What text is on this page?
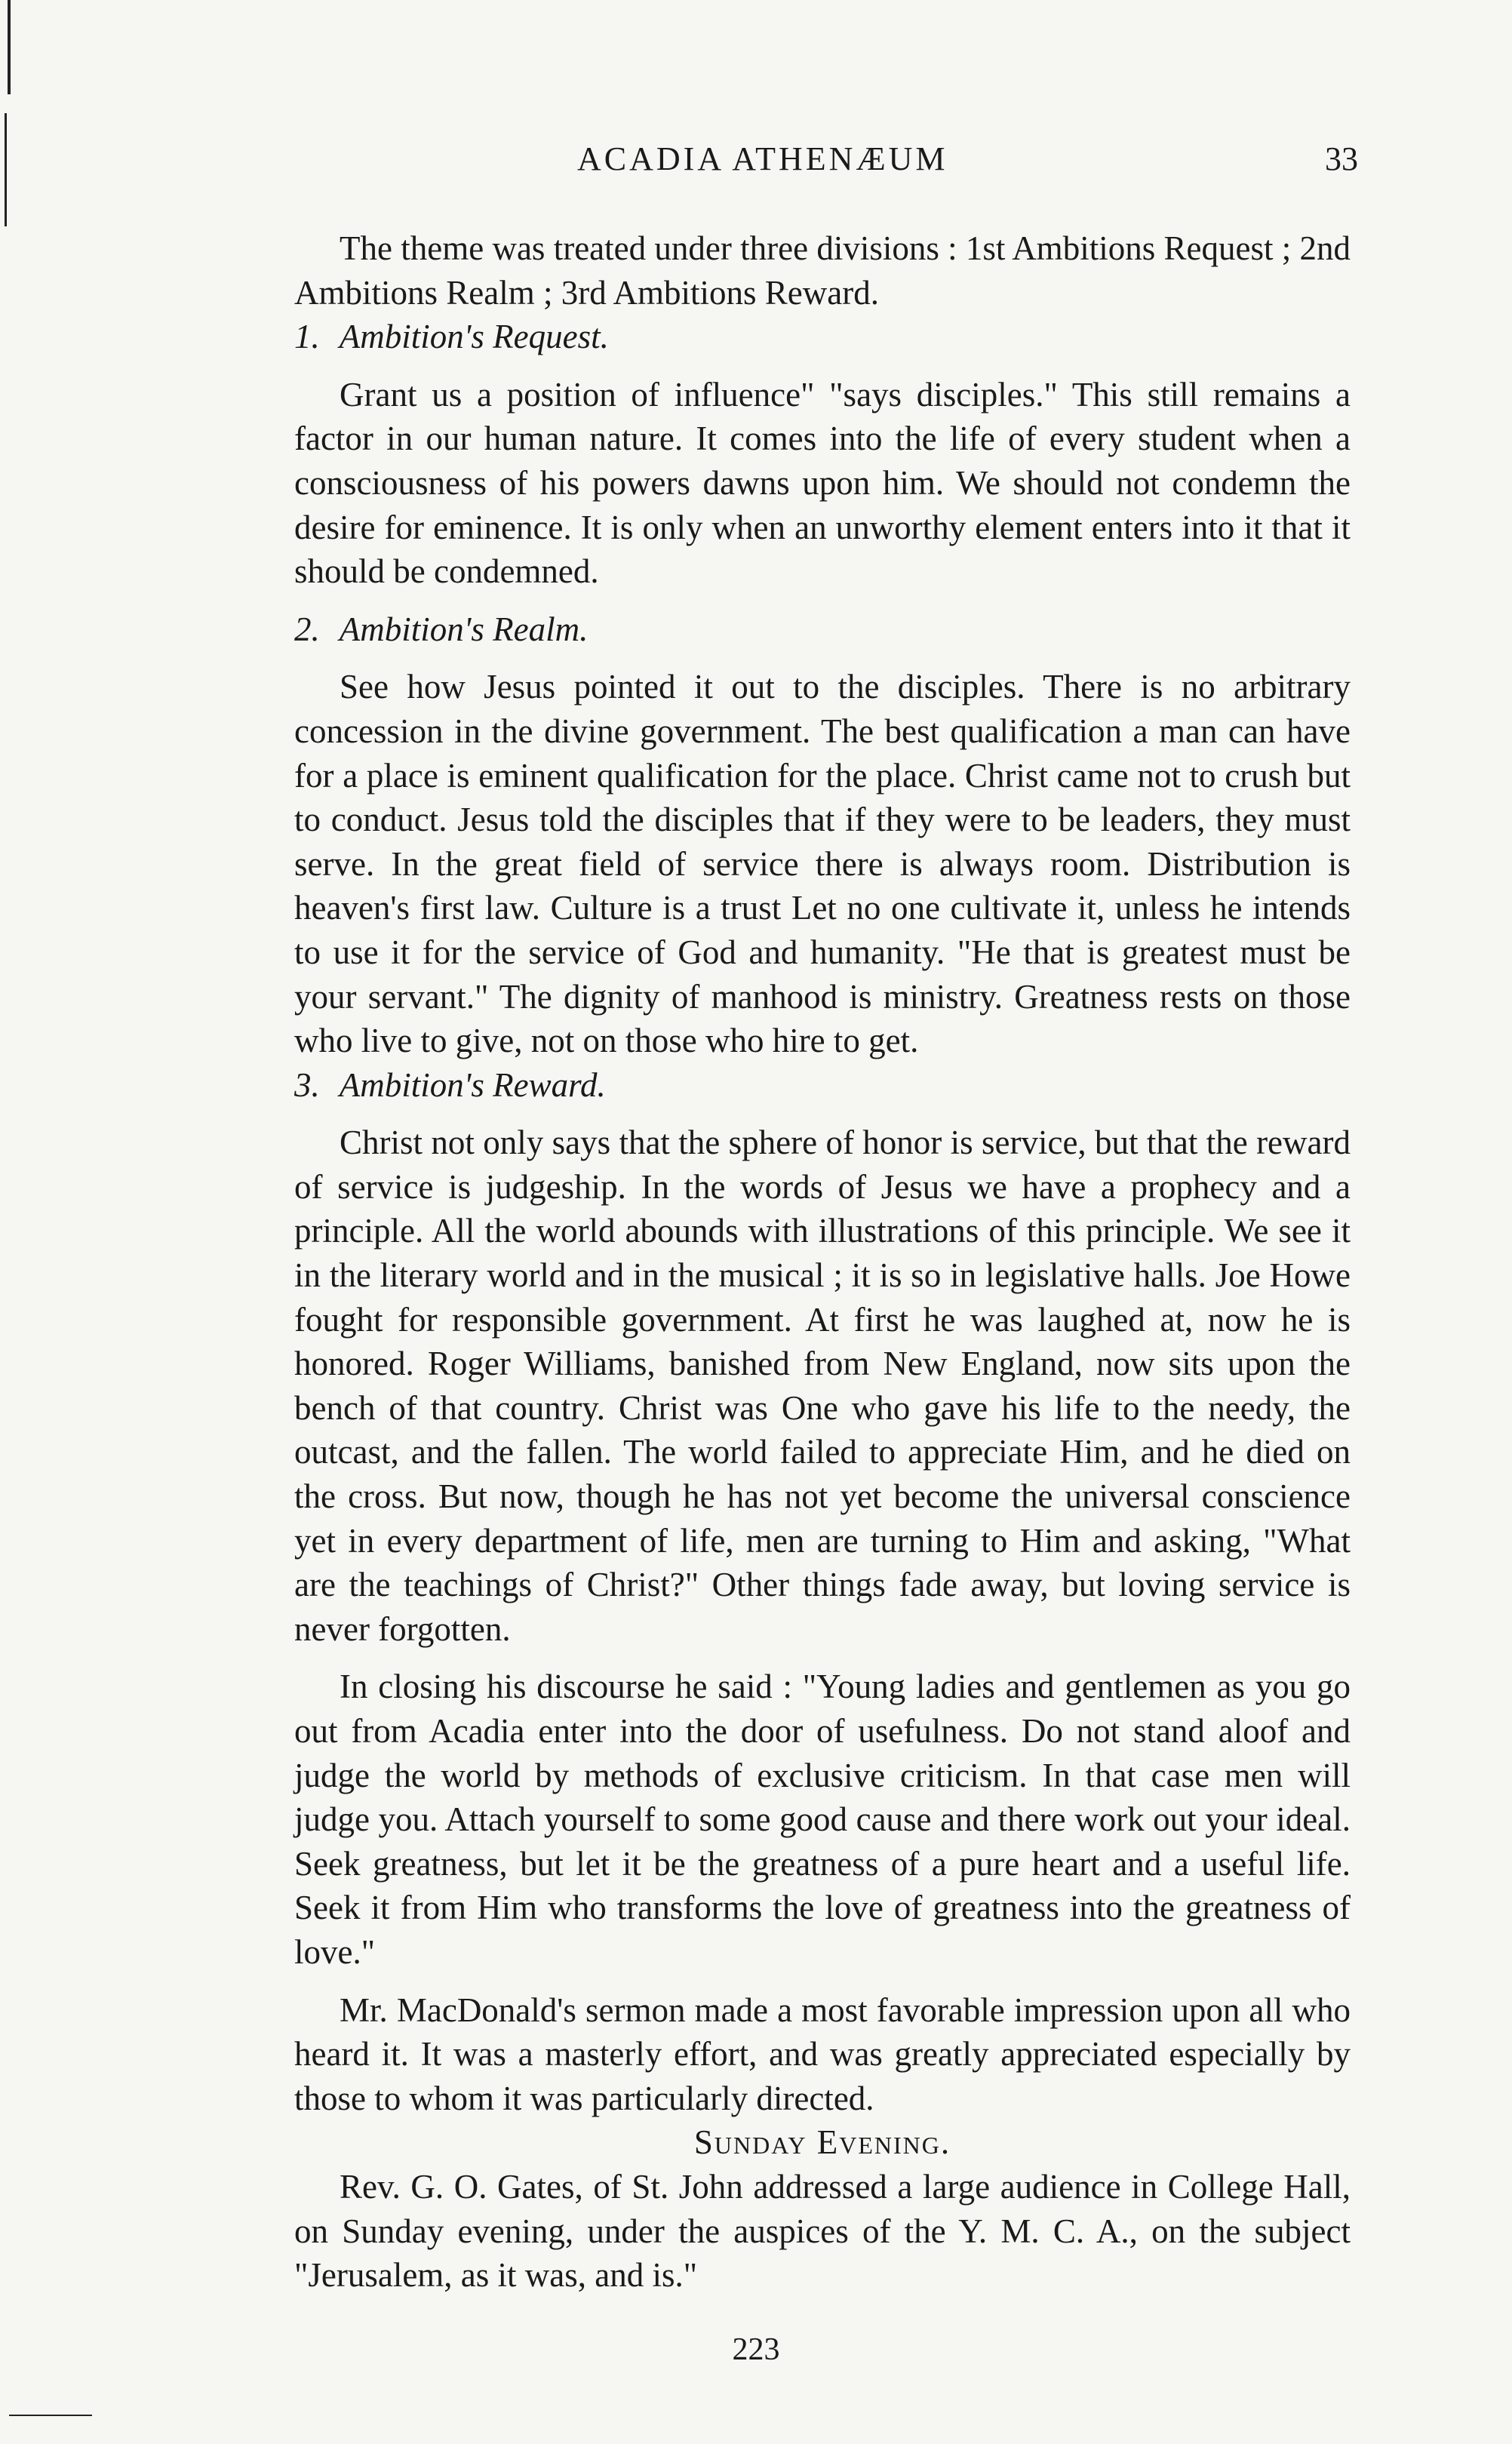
ACADIA ATHENÆUM	33

The theme was treated under three divisions : 1st Ambitions Request ; 2nd Ambitions Realm ; 3rd Ambitions Reward.

1. Ambition's Request.

Grant us a position of influence" "says disciples." This still remains a factor in our human nature. It comes into the life of every student when a consciousness of his powers dawns upon him. We should not condemn the desire for eminence. It is only when an unworthy element enters into it that it should be condemned.

2. Ambition's Realm.

See how Jesus pointed it out to the disciples. There is no arbitrary concession in the divine government. The best qualification a man can have for a place is eminent qualification for the place. Christ came not to crush but to conduct. Jesus told the disciples that if they were to be leaders, they must serve. In the great field of service there is always room. Distribution is heaven's first law. Culture is a trust Let no one cultivate it, unless he intends to use it for the service of God and humanity. "He that is greatest must be your servant." The dignity of manhood is ministry. Greatness rests on those who live to give, not on those who hire to get.

3. Ambition's Reward.

Christ not only says that the sphere of honor is service, but that the reward of service is judgeship. In the words of Jesus we have a prophecy and a principle. All the world abounds with illustrations of this principle. We see it in the literary world and in the musical ; it is so in legislative halls. Joe Howe fought for responsible government. At first he was laughed at, now he is honored. Roger Williams, banished from New England, now sits upon the bench of that country. Christ was One who gave his life to the needy, the outcast, and the fallen. The world failed to appreciate Him, and he died on the cross. But now, though he has not yet become the universal conscience yet in every department of life, men are turning to Him and asking, "What are the teachings of Christ?" Other things fade away, but loving service is never forgotten.

In closing his discourse he said : "Young ladies and gentlemen as you go out from Acadia enter into the door of usefulness. Do not stand aloof and judge the world by methods of exclusive criticism. In that case men will judge you. Attach yourself to some good cause and there work out your ideal. Seek greatness, but let it be the greatness of a pure heart and a useful life. Seek it from Him who transforms the love of greatness into the greatness of love."

Mr. MacDonald's sermon made a most favorable impression upon all who heard it. It was a masterly effort, and was greatly appreciated especially by those to whom it was particularly directed.

Sunday Evening.

Rev. G. O. Gates, of St. John addressed a large audience in College Hall, on Sunday evening, under the auspices of the Y. M. C. A., on the subject "Jerusalem, as it was, and is."

223
